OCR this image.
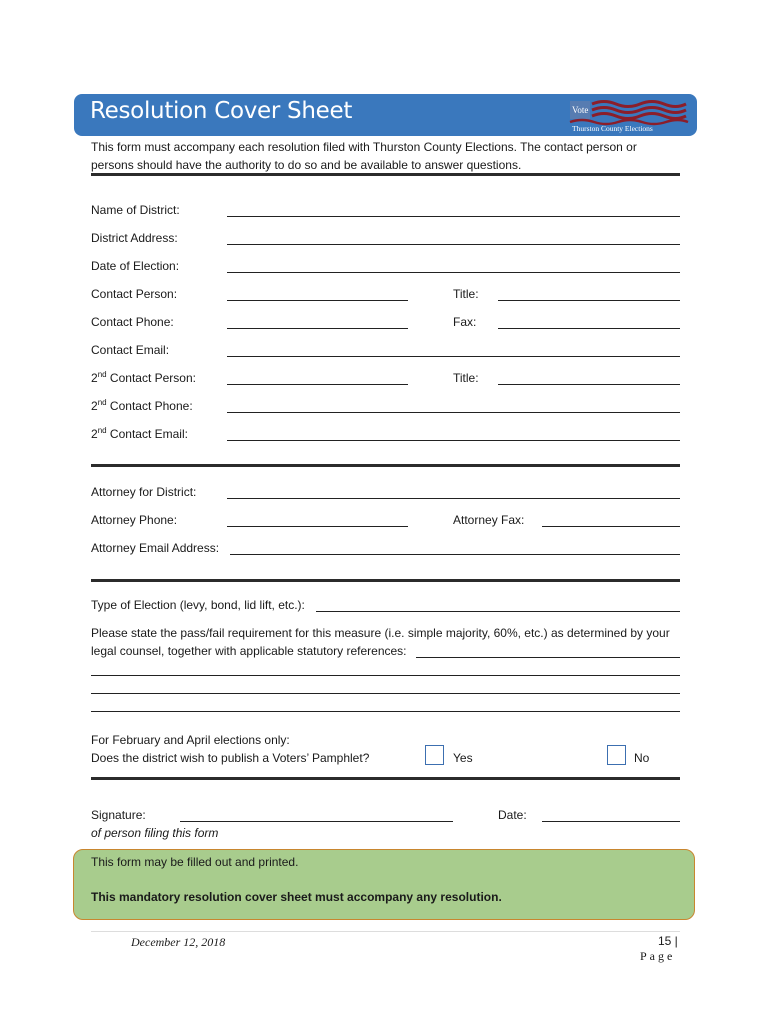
Resolution Cover Sheet	Vote
Thurston County Elections
This form must accompany each resolution filed with Thurston County Elections. The contact person or persons should have the authority to do so and be available to answer questions.
Name of District:
District Address:
Date of Election:
Contact Person:	Title:
Contact Phone:	Fax:
Contact Email:
2nd Contact Person:	Title:
2nd Contact Phone:
2nd Contact Email:
Attorney for District:
Attorney Phone:	Attorney Fax:
Attorney Email Address:
Type of Election (levy, bond, lid lift, etc.):
Please state the pass/fail requirement for this measure (i.e. simple majority, 60%, etc.) as determined by your
legal counsel, together with applicable statutory references:
For February and April elections only:
Does the district wish to publish a Voters’ Pamphlet?	Yes	No
Signature:	Date:
of person filing this form
This form may be filled out and printed.
This mandatory resolution cover sheet must accompany any resolution.
December 12, 2018	15 |
Page
